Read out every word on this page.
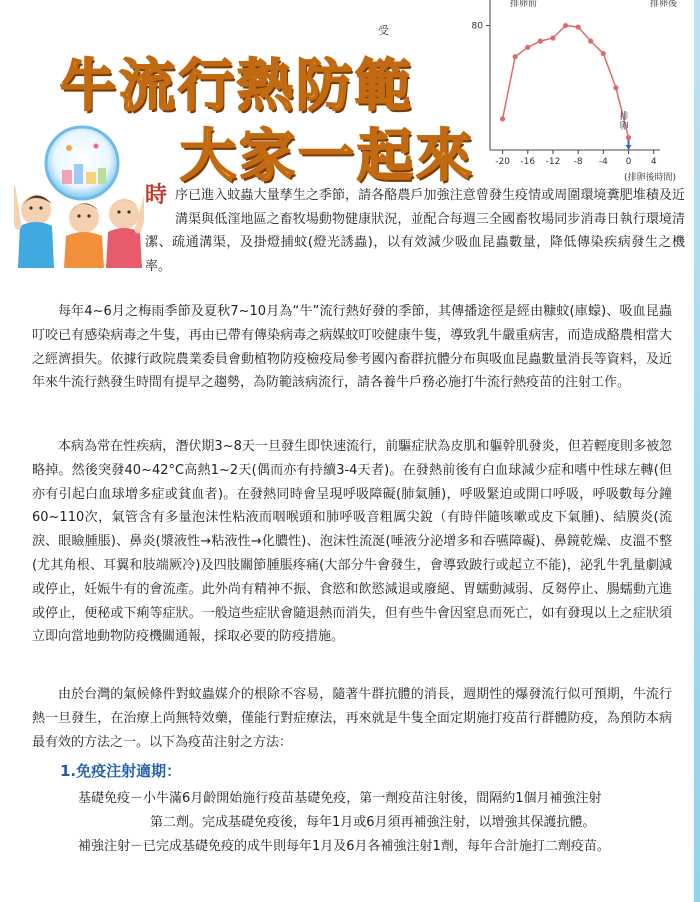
80
-20 -16 -12 -8 -4 0 4
排卵前	排卵後
受
排卵
(排卵後時間)
牛流行熱防範
大家一起來
時序已進入蚊蟲大量孳生之季節，請各酪農戶加強注意曾發生疫情或周圍環境糞肥堆積及近溝渠與低漥地區之畜牧場動物健康狀況，並配合每週三全國畜牧場同步消毒日執行環境清潔、疏通溝渠，及掛燈捕蚊(燈光誘蟲)，以有效減少吸血昆蟲數量，降低傳染疾病發生之機率。

每年4~6月之梅雨季節及夏秋7~10月為“牛”流行熱好發的季節，其傳播途徑是經由糠蚊(庫蠓)、吸血昆蟲叮咬已有感染病毒之牛隻，再由已帶有傳染病毒之病媒蚊叮咬健康牛隻，導致乳牛嚴重病害，而造成酪農相當大之經濟損失。依據行政院農業委員會動植物防疫檢疫局參考國內畜群抗體分布與吸血昆蟲數量消長等資料，及近年來牛流行熱發生時間有提早之趨勢，為防範該病流行，請各養牛戶務必施打牛流行熱疫苗的注射工作。

本病為常在性疾病，潛伏期3~8天一旦發生即快速流行，前驅症狀為皮肌和軀幹肌發炎，但若輕度則多被忽略掉。然後突發40~42°C高熱1~2天(偶而亦有持續3-4天者)。在發熱前後有白血球減少症和嗜中性球左轉(但亦有引起白血球增多症或貧血者)。在發熱同時會呈現呼吸障礙(肺氣腫)，呼吸緊迫或開口呼吸，呼吸數每分鐘60~110次，氣管含有多量泡沫性粘液而咽喉頭和肺呼吸音粗厲尖銳（有時伴隨咳嗽或皮下氣腫)、結膜炎(流淚、眼瞼腫脹)、鼻炎(漿液性→粘液性→化膿性)、泡沫性流涎(唾液分泌增多和吞嚥障礙)、鼻鏡乾燥、皮溫不整(尤其角根、耳翼和肢端厥冷)及四肢關節腫脹疼痛(大部分牛會發生，會導致跛行或起立不能)，泌乳牛乳量劇減或停止，妊娠牛有的會流產。此外尚有精神不振、食慾和飲慾減退或廢絕、胃蠕動減弱、反芻停止、腸蠕動亢進或停止，便秘或下痢等症狀。一般這些症狀會隨退熱而消失，但有些牛會因窒息而死亡，如有發現以上之症狀須立即向當地動物防疫機關通報，採取必要的防疫措施。

由於台灣的氣候條件對蚊蟲媒介的根除不容易，隨著牛群抗體的消長，週期性的爆發流行似可預期，牛流行熱一旦發生，在治療上尚無特效藥，僅能行對症療法，再來就是牛隻全面定期施打疫苗行群體防疫，為預防本病最有效的方法之一。以下為疫苗注射之方法：

1.免疫注射適期：
基礎免疫－小牛滿6月齡開始施行疫苗基礎免疫，第一劑疫苗注射後，間隔約1個月補強注射
第二劑。完成基礎免疫後，每年1月或6月須再補強注射，以增強其保護抗體。
補強注射－已完成基礎免疫的成牛則每年1月及6月各補強注射1劑，每年合計施打二劑疫苗。
